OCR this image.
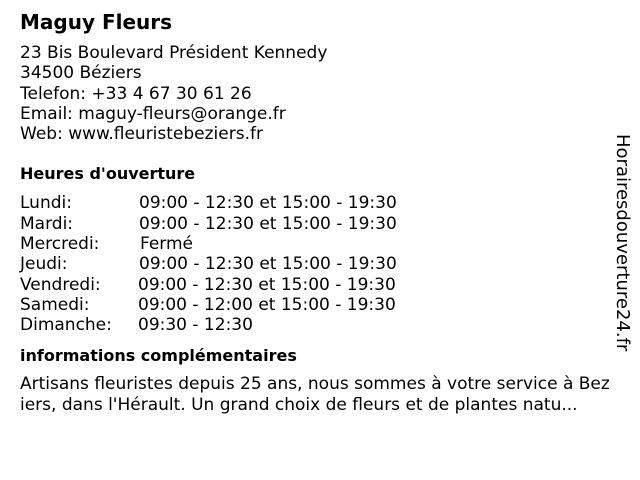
Maguy Fleurs
23 Bis Boulevard Président Kennedy
34500 Béziers
Telefon: +33 4 67 30 61 26
Email: maguy-fleurs@orange.fr
Web: www.fleuristebeziers.fr
Heures d'ouverture
Lundi:	09:00 - 12:30 et 15:00 - 19:30
Mardi:	09:00 - 12:30 et 15:00 - 19:30
Mercredi:	Fermé
Jeudi:	09:00 - 12:30 et 15:00 - 19:30
Vendredi:	09:00 - 12:30 et 15:00 - 19:30
Samedi:	09:00 - 12:00 et 15:00 - 19:30
Dimanche:	09:30 - 12:30
informations complémentaires
Artisans fleuristes depuis 25 ans, nous sommes à votre service à Beziers, dans l'Hérault. Un grand choix de fleurs et de plantes natu...
Horairesdouverture24.fr
